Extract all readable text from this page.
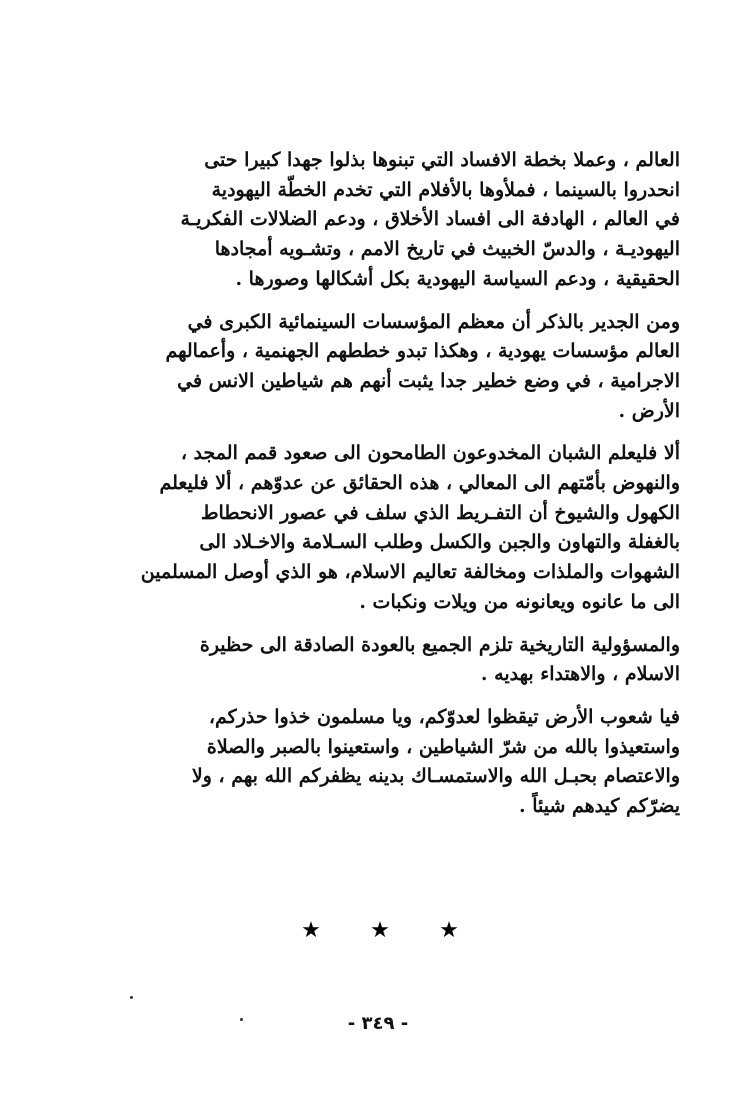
العالم ، وعملا بخطة الافساد التي تبنوها بذلوا جهدا كبيرا حتى
انحدروا بالسينما ، فملأوها بالأفلام التي تخدم الخطّة اليهودية
في العالم ، الهادفة الى افساد الأخلاق ، ودعم الضلالات الفكريـة
اليهوديـة ، والدسّ الخبيث في تاريخ الامم ، وتشـويه أمجادها
الحقيقية ، ودعم السياسة اليهودية بكل أشكالها وصورها .

ومن الجدير بالذكر أن معظم المؤسسات السينمائية الكبرى في
العالم مؤسسات يهودية ، وهكذا تبدو خططهم الجهنمية ، وأعمالهم
الاجرامية ، في وضع خطير جدا يثبت أنهم هم شياطين الانس في
الأرض .

ألا فليعلم الشبان المخدوعون الطامحون الى صعود قمم المجد ،
والنهوض بأمّتهم الى المعالي ، هذه الحقائق عن عدوّهم ، ألا فليعلم
الكهول والشيوخ أن التفـريط الذي سلف في عصور الانحطاط
بالغفلة والتهاون والجبن والكسل وطلب السـلامة والاخـلاد الى
الشهوات والملذات ومخالفة تعاليم الاسلام، هو الذي أوصل المسلمين
الى ما عانوه ويعانونه من ويلات ونكبات .

والمسؤولية التاريخية تلزم الجميع بالعودة الصادقة الى حظيرة
الاسلام ، والاهتداء بهديه .

فيا شعوب الأرض تيقظوا لعدوّكم، ويا مسلمون خذوا حذركم،
واستعيذوا بالله من شرّ الشياطين ، واستعينوا بالصبر والصلاة
والاعتصام بحبـل الله والاستمسـاك بدينه يظفركم الله بهم ، ولا
يضرّكم كيدهم شيئاً .

★ ★ ★
- ٣٤٩ -
